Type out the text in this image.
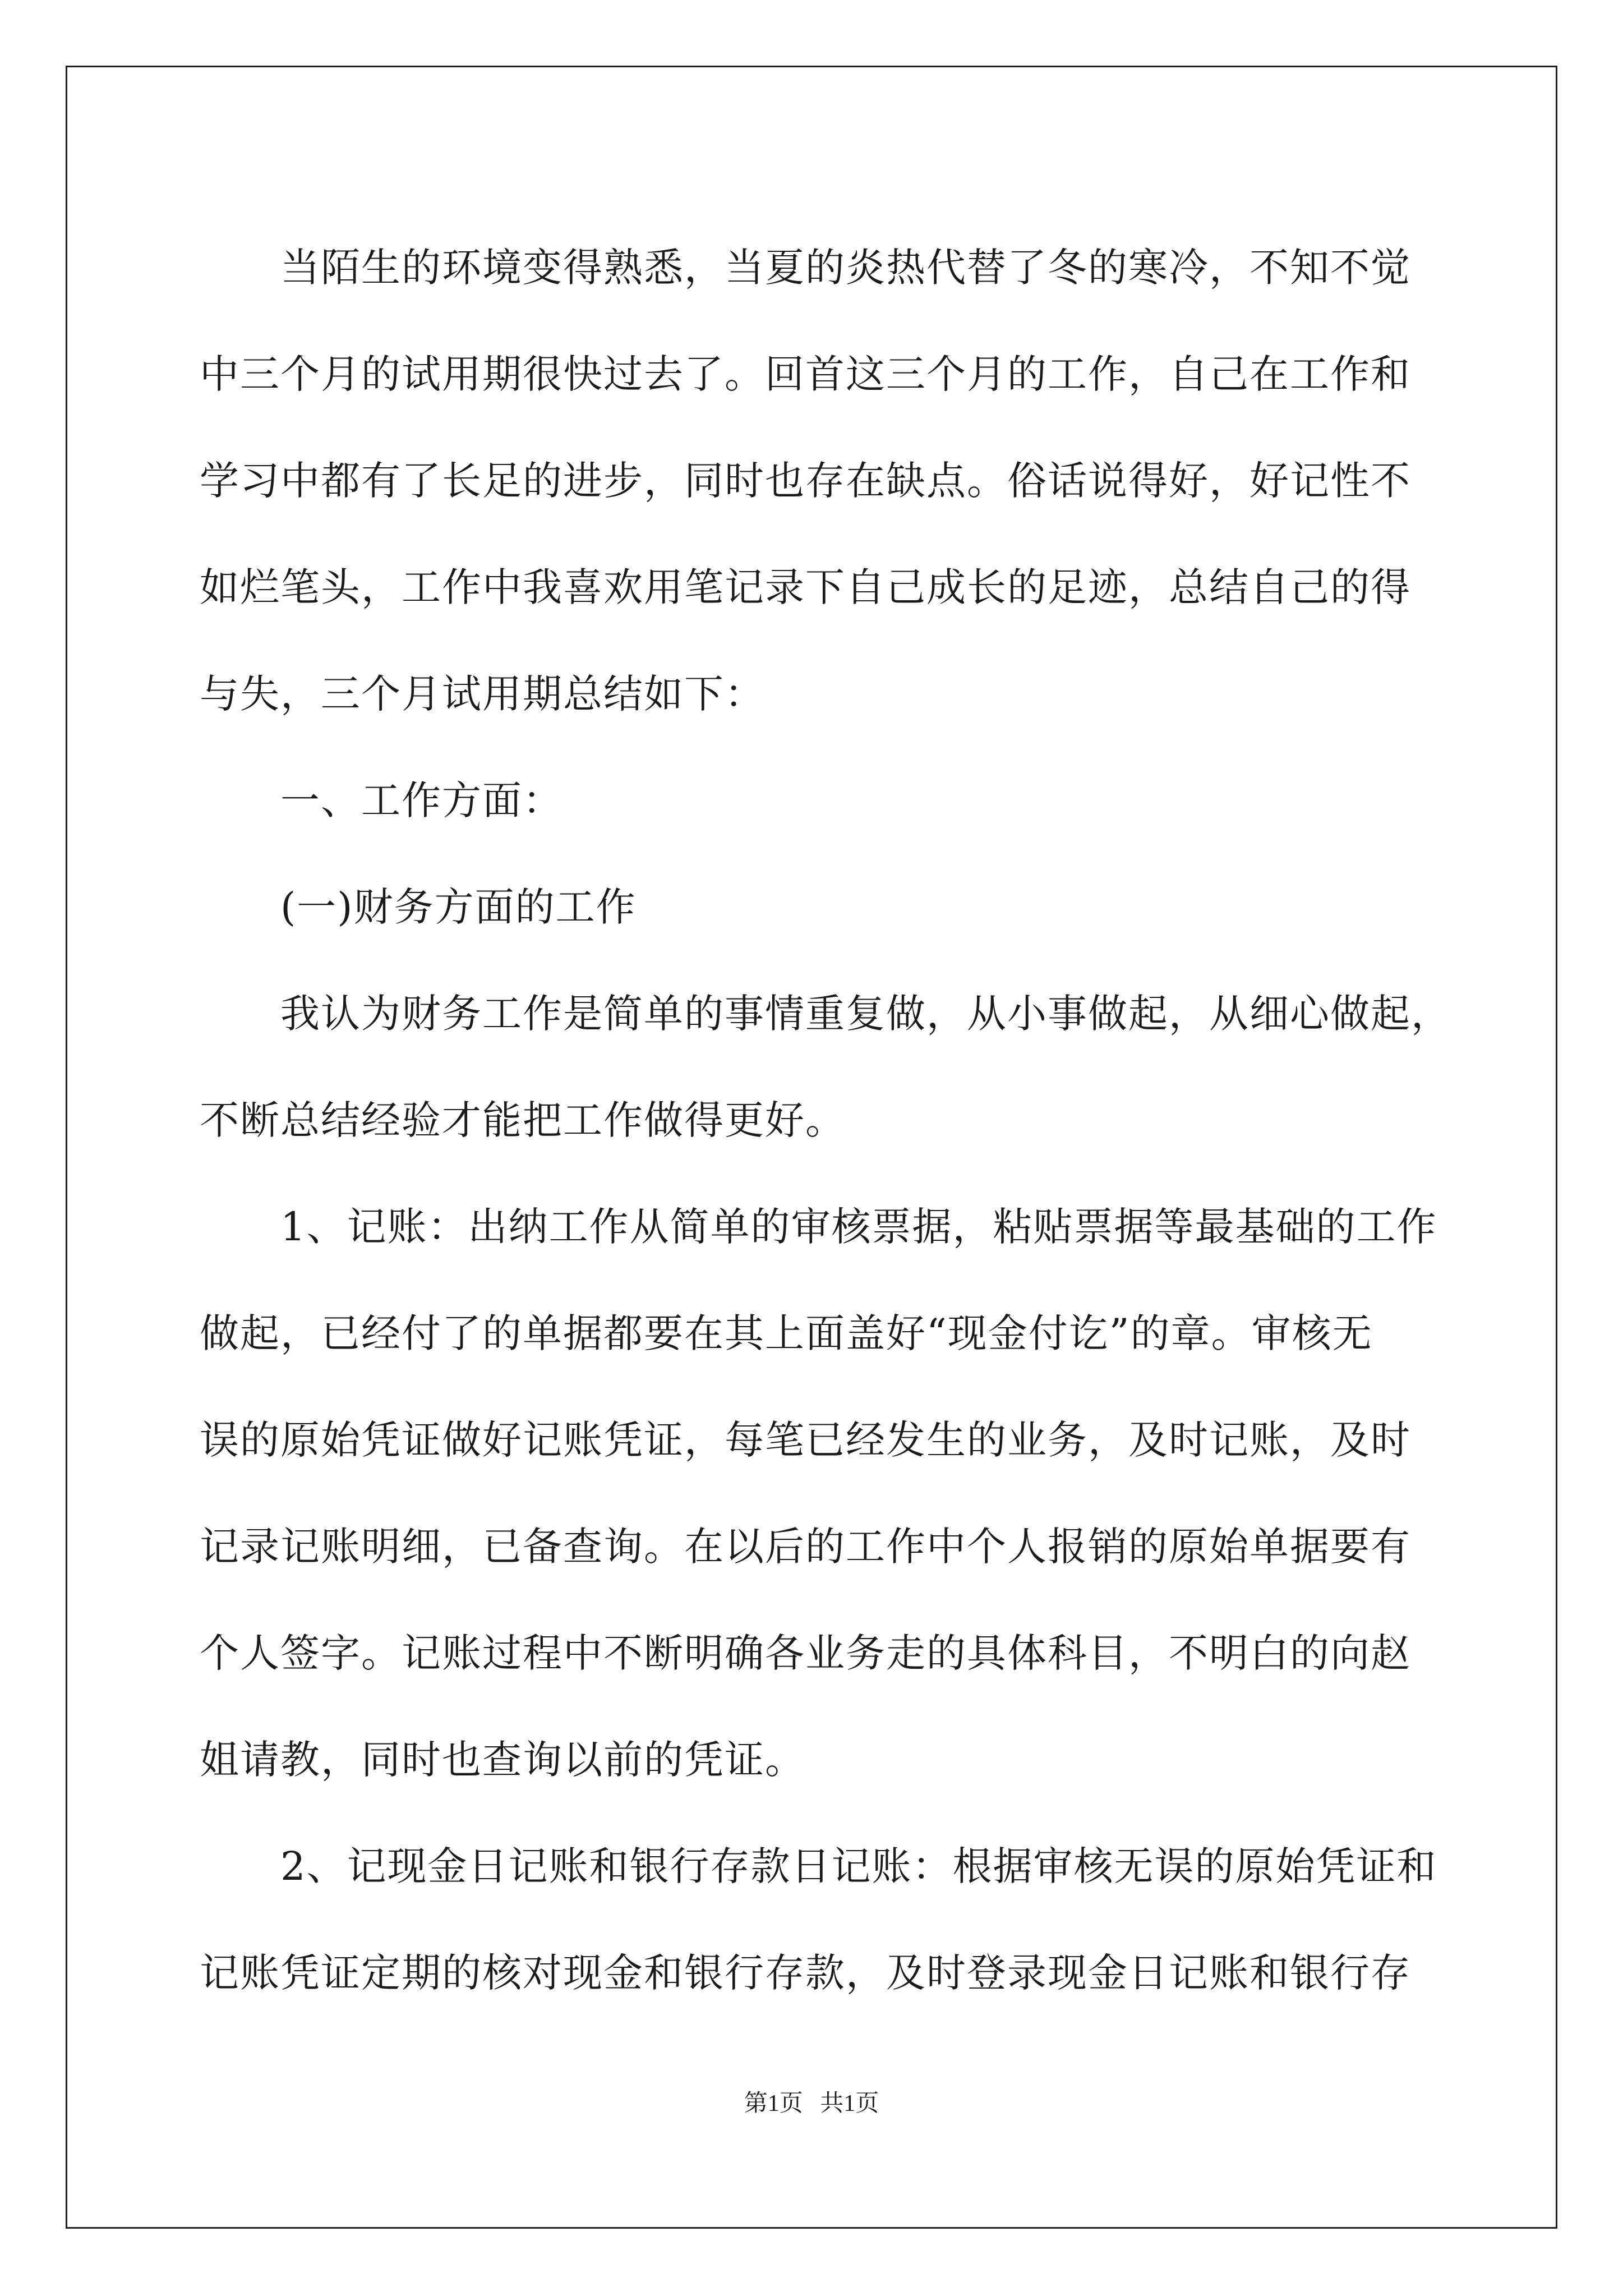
当陌生的环境变得熟悉，当夏的炎热代替了冬的寒冷，不知不觉
中三个月的试用期很快过去了。回首这三个月的工作，自己在工作和
学习中都有了长足的进步，同时也存在缺点。俗话说得好，好记性不
如烂笔头，工作中我喜欢用笔记录下自己成长的足迹，总结自己的得
与失，三个月试用期总结如下：
一、工作方面：
(一)财务方面的工作
我认为财务工作是简单的事情重复做，从小事做起，从细心做起，
不断总结经验才能把工作做得更好。
1、记账：出纳工作从简单的审核票据，粘贴票据等最基础的工作
做起，已经付了的单据都要在其上面盖好“现金付讫”的章。审核无
误的原始凭证做好记账凭证，每笔已经发生的业务，及时记账，及时
记录记账明细，已备查询。在以后的工作中个人报销的原始单据要有
个人签字。记账过程中不断明确各业务走的具体科目，不明白的向赵
姐请教，同时也查询以前的凭证。
2、记现金日记账和银行存款日记账：根据审核无误的原始凭证和
记账凭证定期的核对现金和银行存款，及时登录现金日记账和银行存
第1页 共1页
